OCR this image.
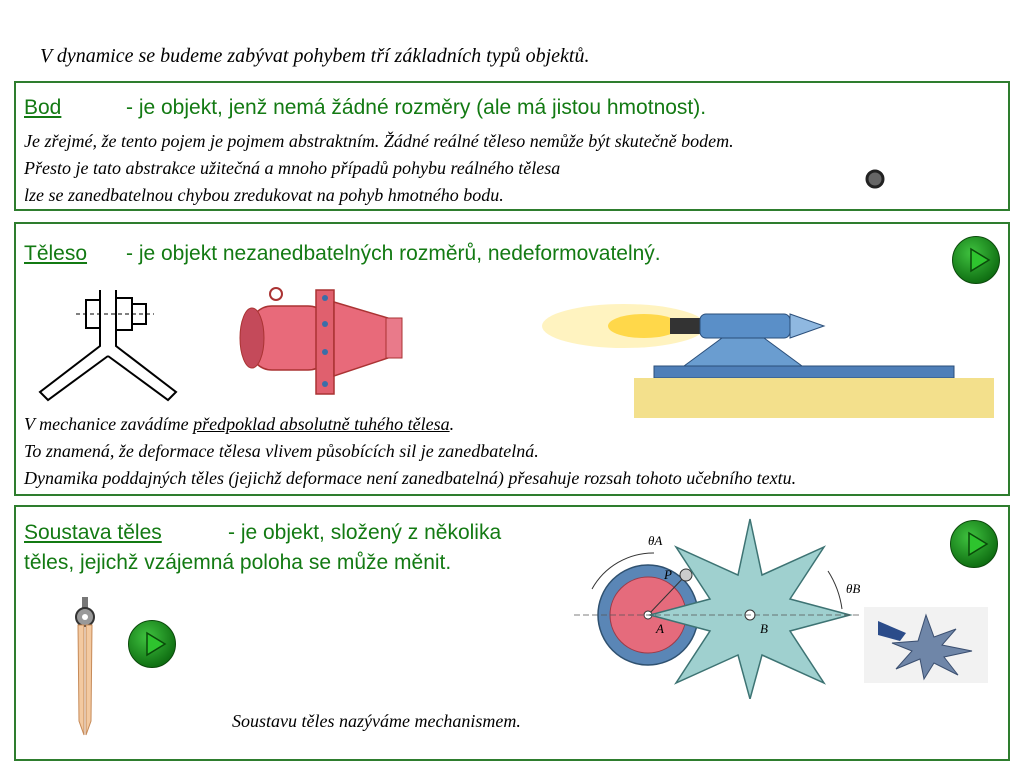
V dynamice se budeme zabývat pohybem tří základních typů objektů.
Bod	- je objekt, jenž nemá žádné rozměry (ale má jistou hmotnost).
Je zřejmé, že tento pojem je pojmem abstraktním. Žádné reálné těleso nemůže být skutečně bodem.
Přesto je tato abstrakce užitečná a mnoho případů pohybu reálného tělesa
lze se zanedbatelnou chybou zredukovat na pohyb hmotného bodu.
Těleso - je objekt nezanedbatelných rozměrů, nedeformovatelný.
V mechanice zavádíme předpoklad absolutně tuhého tělesa.
To znamená, že deformace tělesa vlivem působících sil je zanedbatelná.
Dynamika poddajných těles (jejichž deformace není zanedbatelná) přesahuje rozsah tohoto učebního textu.
Soustava těles	- je objekt, složený z několika
těles, jejichž vzájemná poloha se může měnit.
θA
θB
P
A	B
Soustavu těles nazýváme mechanismem.
